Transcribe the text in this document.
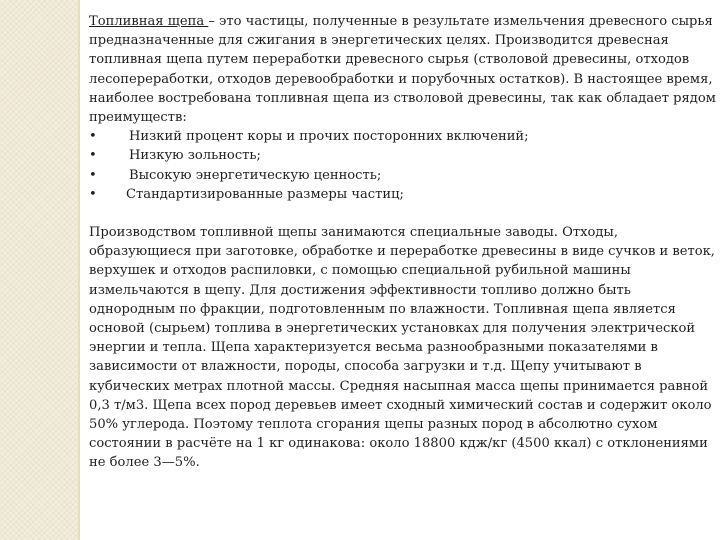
Топливная щепа – это частицы, полученные в результате измельчения древесного сырья предназначенные для сжигания в энергетических целях. Производится древесная топливная щепа путем переработки древесного сырья (стволовой древесины, отходов лесопереработки, отходов деревообработки и порубочных остатков). В настоящее время, наиболее востребована топливная щепа из стволовой древесины, так как обладает рядом преимуществ:

• Низкий процент коры и прочих посторонних включений;
• Низкую зольность;
• Высокую энергетическую ценность;
• Стандартизированные размеры частиц;

Производством топливной щепы занимаются специальные заводы. Отходы, образующиеся при заготовке, обработке и переработке древесины в виде сучков и веток, верхушек и отходов распиловки, с помощью специальной рубильной машины измельчаются в щепу. Для достижения эффективности топливо должно быть однородным по фракции, подготовленным по влажности. Топливная щепа является основой (сырьем) топлива в энергетических установках для получения электрической энергии и тепла. Щепа характеризуется весьма разнообразными показателями в зависимости от влажности, породы, способа загрузки и т.д. Щепу учитывают в кубических метрах плотной массы. Средняя насыпная масса щепы принимается равной 0,3 т/м3. Щепа всех пород деревьев имеет сходный химический состав и содержит около 50% углерода. Поэтому теплота сгорания щепы разных пород в абсолютно сухом состоянии в расчёте на 1 кг одинакова: около 18800 кдж/кг (4500 ккал) с отклонениями не более 3—5%.
